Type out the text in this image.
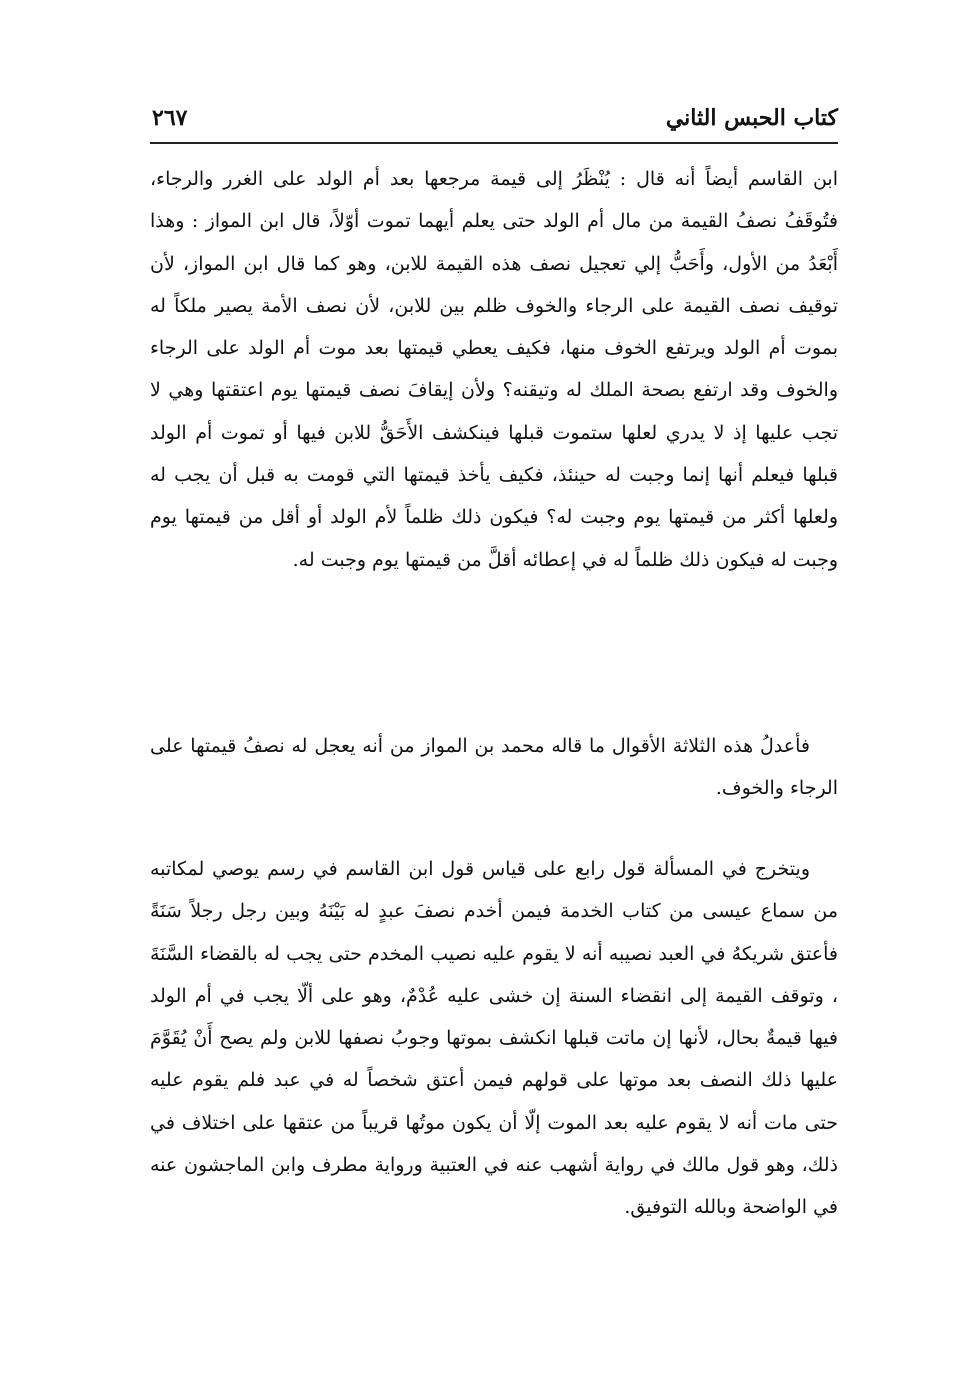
كتاب الحبس الثاني
٢٦٧

ابن القاسم أيضاً أنه قال : يُنْظَرُ إلى قيمة مرجعها بعد أم الولد على الغرر والرجاء، فتُوقَفُ نصفُ القيمة من مال أم الولد حتى يعلم أيهما تموت أوّلاً، قال ابن المواز : وهذا أَبْعَدُ من الأول، وأَحَبُّ إلي تعجيل نصف هذه القيمة للابن، وهو كما قال ابن المواز، لأن توقيف نصف القيمة على الرجاء والخوف ظلم بين للابن، لأن نصف الأمة يصير ملكاً له بموت أم الولد ويرتفع الخوف منها، فكيف يعطي قيمتها بعد موت أم الولد على الرجاء والخوف وقد ارتفع بصحة الملك له وتيقنه؟ ولأن إيقافَ نصف قيمتها يوم اعتقتها وهي لا تجب عليها إذ لا يدري لعلها ستموت قبلها فينكشف الأَحَقُّ للابن فيها أو تموت أم الولد قبلها فيعلم أنها إنما وجبت له حينئذ، فكيف يأخذ قيمتها التي قومت به قبل أن يجب له ولعلها أكثر من قيمتها يوم وجبت له؟ فيكون ذلك ظلماً لأم الولد أو أقل من قيمتها يوم وجبت له فيكون ذلك ظلماً له في إعطائه أقلَّ من قيمتها يوم وجبت له.

فأعدلُ هذه الثلاثة الأقوال ما قاله محمد بن المواز من أنه يعجل له نصفُ قيمتها على الرجاء والخوف.

ويتخرج في المسألة قول رابع على قياس قول ابن القاسم في رسم يوصي لمكاتبه من سماع عيسى من كتاب الخدمة فيمن أخدم نصفَ عبدٍ له بَيْنَهُ وبين رجل رجلاً سَنَةً فأعتق شريكهُ في العبد نصيبه أنه لا يقوم عليه نصيب المخدم حتى يجب له بالقضاء السَّنَةَ ، وتوقف القيمة إلى انقضاء السنة إن خشى عليه عُدْمٌ، وهو على ألّا يجب في أم الولد فيها قيمةٌ بحال، لأنها إن ماتت قبلها انكشف بموتها وجوبُ نصفها للابن ولم يصح أَنْ يُقَوَّمَ عليها ذلك النصف بعد موتها على قولهم فيمن أعتق شخصاً له في عبد فلم يقوم عليه حتى مات أنه لا يقوم عليه بعد الموت إلّا أن يكون موتُها قريباً من عتقها على اختلاف في ذلك، وهو قول مالك في رواية أشهب عنه في العتبية ورواية مطرف وابن الماجشون عنه في الواضحة وبالله التوفيق.
